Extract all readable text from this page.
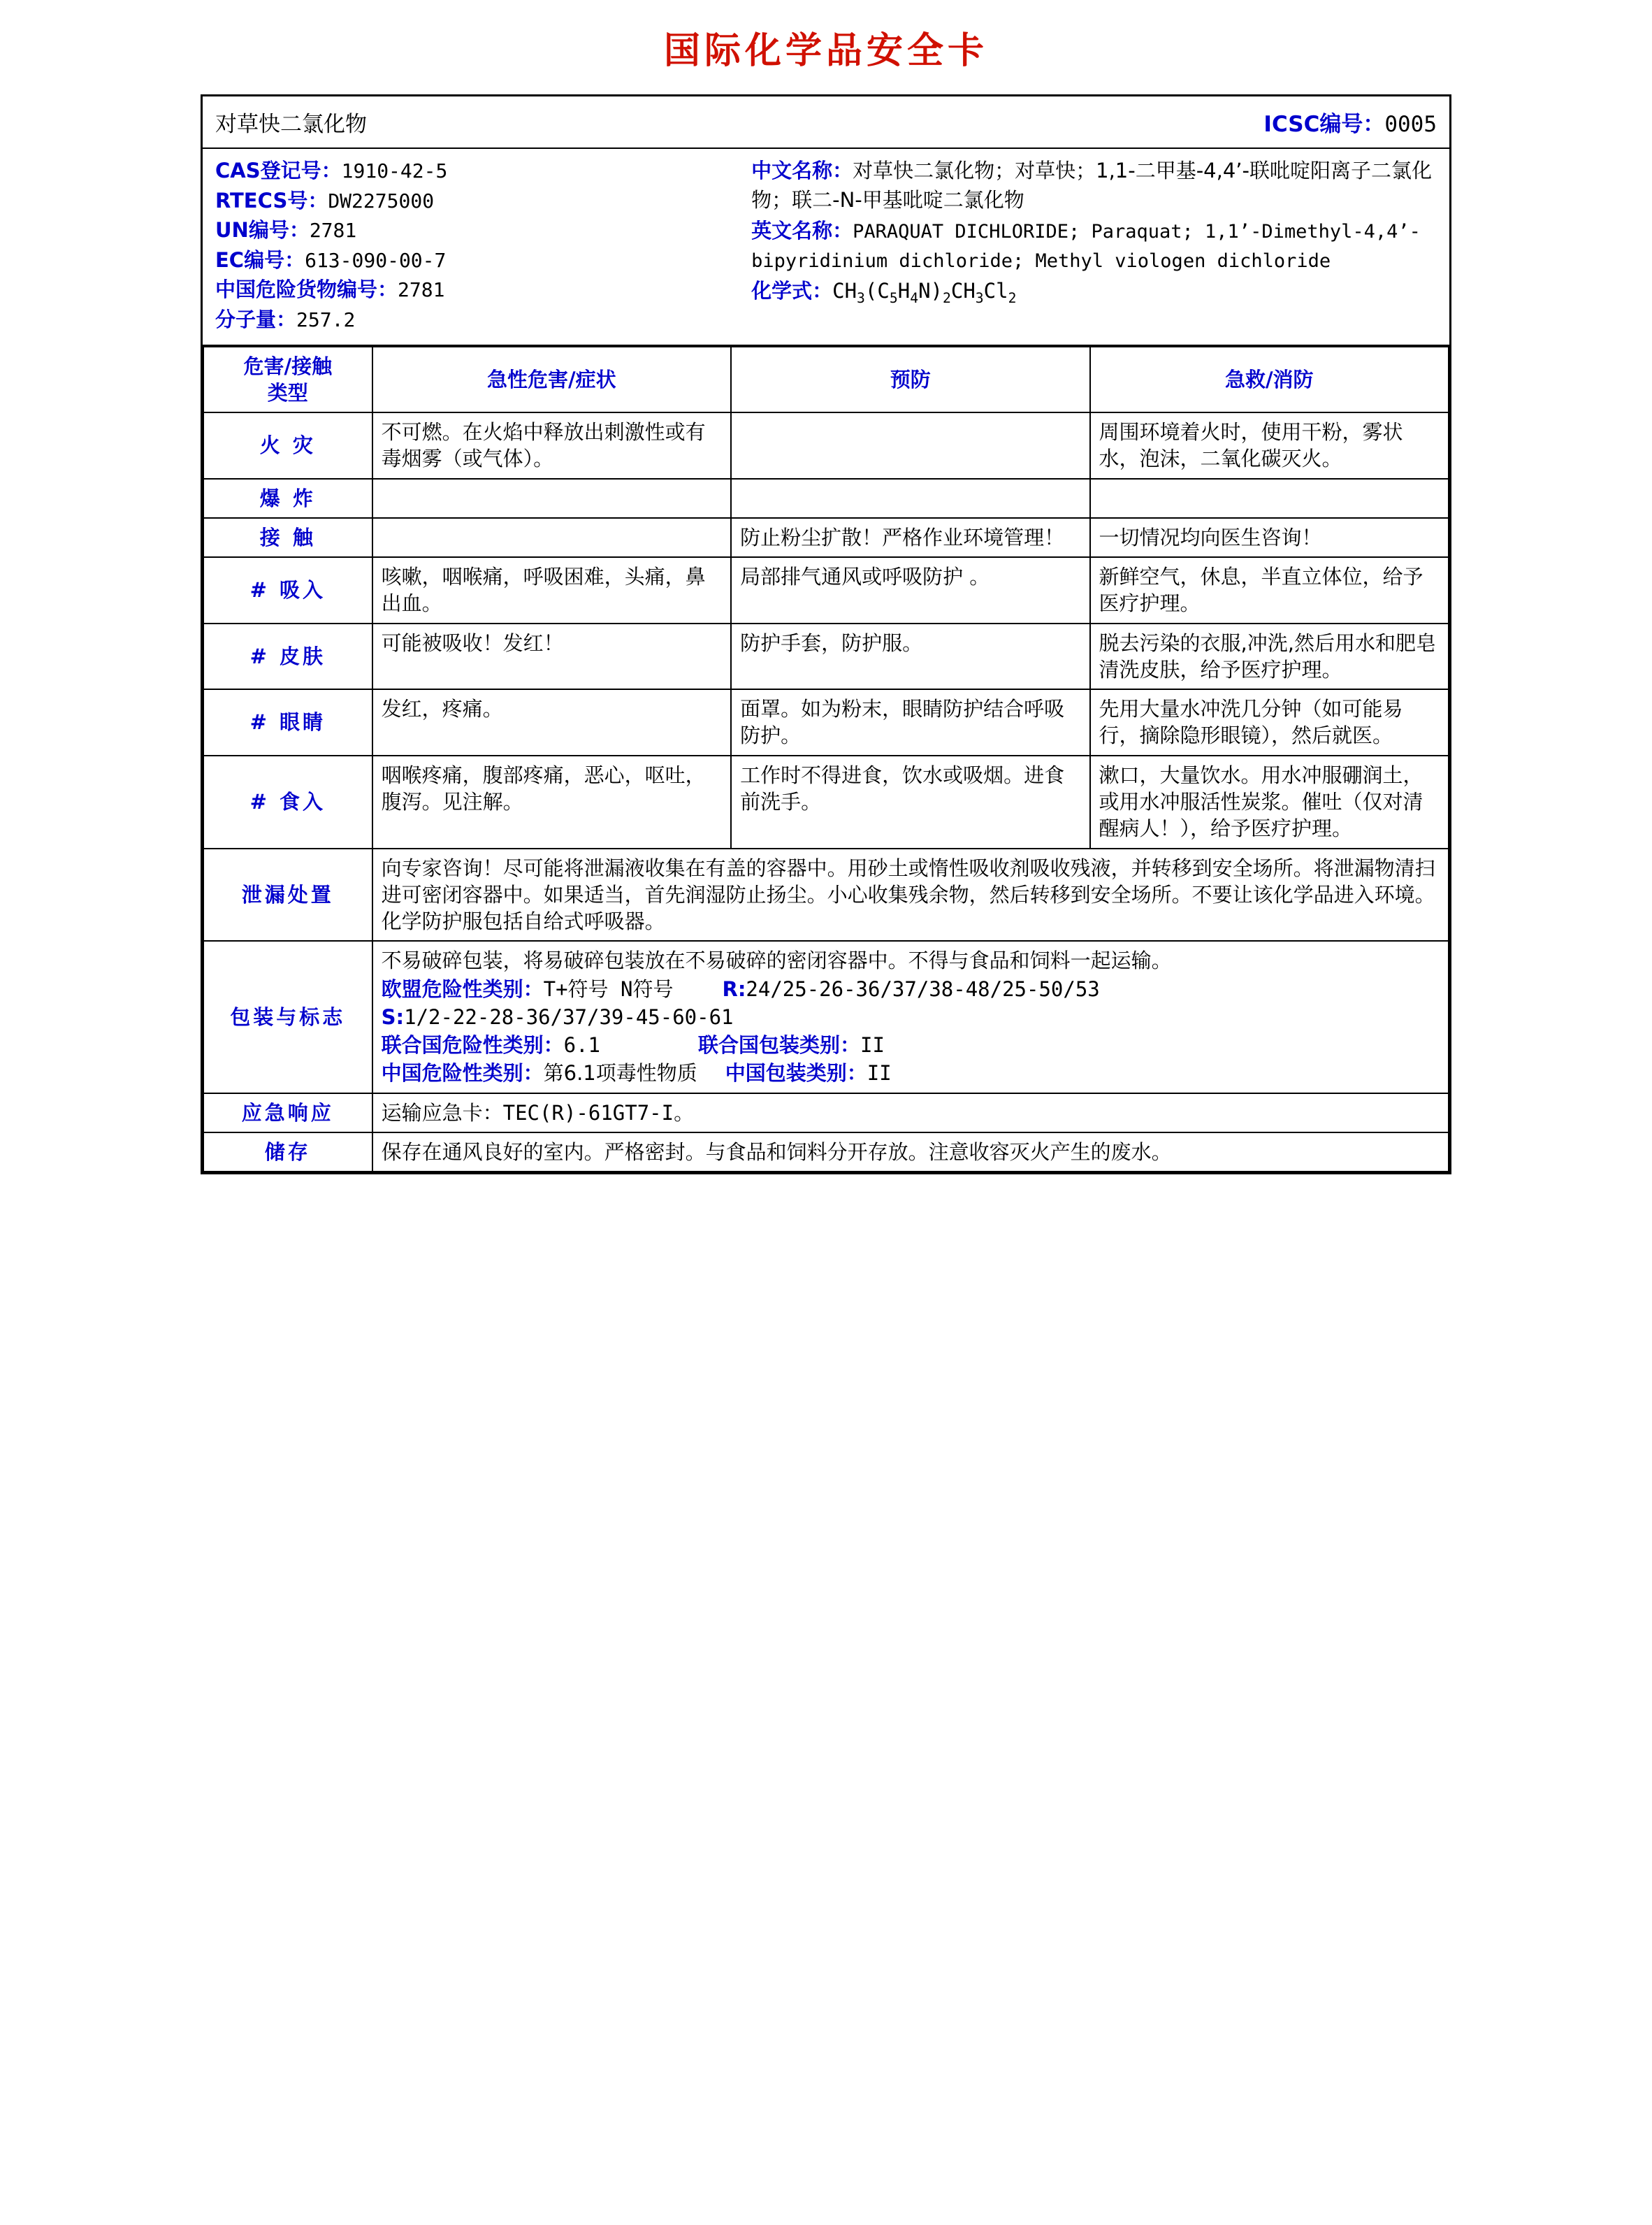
国际化学品安全卡
对草快二氯化物	ICSC编号：0005
CAS登记号：1910-42-5
RTECS号：DW2275000
UN编号：2781
EC编号：613-090-00-7
中国危险货物编号：2781
分子量：257.2
中文名称：对草快二氯化物；对草快；1,1-二甲基-4,4’-联吡啶阳离子二氯化物；联二-N-甲基吡啶二氯化物
英文名称：PARAQUAT DICHLORIDE; Paraquat; 1,1’-Dimethyl-4,4’-bipyridinium dichloride; Methyl viologen dichloride
化学式：$CH_3(C_5H_4N)_2CH_3Cl_2$
危害/接触
类型	急性危害/症状	预防	急救/消防
火 灾	不可燃。在火焰中释放出刺激性或有毒烟雾（或气体）。		周围环境着火时，使用干粉，雾状水，泡沫，二氧化碳灭火。
爆 炸			
接 触		防止粉尘扩散！严格作业环境管理！	一切情况均向医生咨询！
# 吸入	咳嗽，咽喉痛，呼吸困难，头痛，鼻出血。	局部排气通风或呼吸防护 。	新鲜空气，休息，半直立体位，给予医疗护理。
# 皮肤	可能被吸收！发红！	防护手套，防护服。	脱去污染的衣服,冲洗,然后用水和肥皂清洗皮肤，给予医疗护理。
# 眼睛	发红，疼痛。	面罩。如为粉末，眼睛防护结合呼吸防护。	先用大量水冲洗几分钟（如可能易行，摘除隐形眼镜），然后就医。
# 食入	咽喉疼痛，腹部疼痛，恶心，呕吐，腹泻。见注解。	工作时不得进食，饮水或吸烟。进食前洗手。	漱口，大量饮水。用水冲服硼润土，或用水冲服活性炭浆。催吐（仅对清醒病人！），给予医疗护理。
泄漏处置	向专家咨询！尽可能将泄漏液收集在有盖的容器中。用砂土或惰性吸收剂吸收残液，并转移到安全场所。将泄漏物清扫进可密闭容器中。如果适当，首先润湿防止扬尘。小心收集残余物，然后转移到安全场所。不要让该化学品进入环境。化学防护服包括自给式呼吸器。		
包装与标志	不易破碎包装，将易破碎包装放在不易破碎的密闭容器中。不得与食品和饲料一起运输。
欧盟危险性类别：T+符号 N符号 R:24/25-26-36/37/38-48/25-50/53
S:1/2-22-28-36/37/39-45-60-61
联合国危险性类别：6.1 联合国包装类别：II
中国危险性类别：第6.1项毒性物质 中国包装类别：II		

应急响应	运输应急卡：TEC(R)-61GT7-I。		
储存	保存在通风良好的室内。严格密封。与食品和饲料分开存放。注意收容灭火产生的废水。		
